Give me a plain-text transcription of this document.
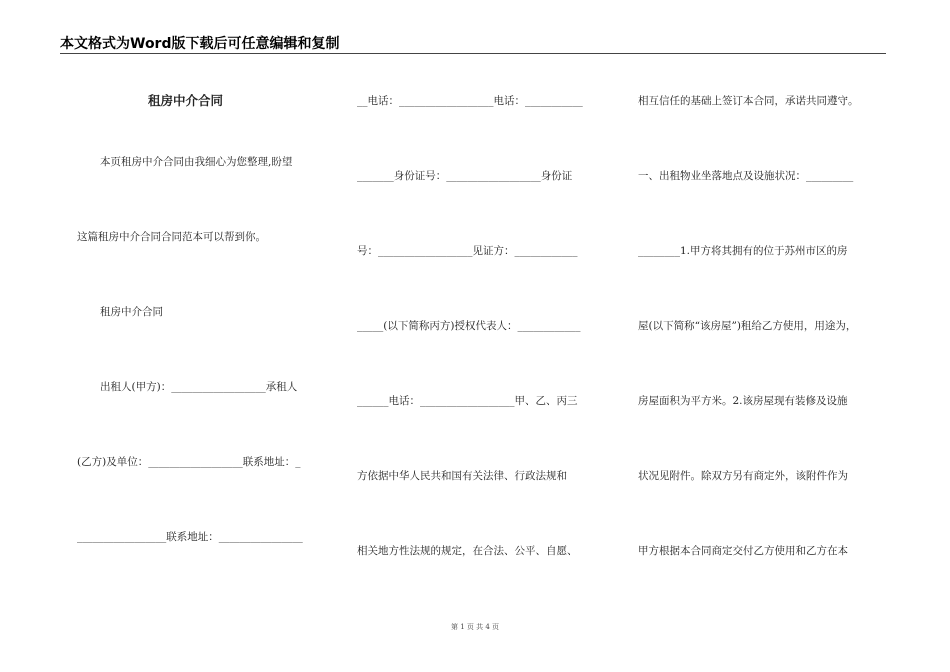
本文格式为Word版下载后可任意编辑和复制
租房中介合同
本页租房中介合同由我细心为您整理,盼望
这篇租房中介合同合同范本可以帮到你。
租房中介合同
出租人(甲方)：__________________承租人
(乙方)及单位：__________________联系地址：_
_________________联系地址：________________
__电话：__________________电话：___________
_______身份证号：__________________身份证
号：__________________见证方：____________
_____(以下简称丙方)授权代表人：____________
______电话：__________________甲、乙、丙三
方依据中华人民共和国有关法律、行政法规和
相关地方性法规的规定，在合法、公平、自愿、
相互信任的基础上签订本合同，承诺共同遵守。
一、出租物业坐落地点及设施状况：_________
________1.甲方将其拥有的位于苏州市区的房
屋(以下简称“该房屋”)租给乙方使用，用途为，
房屋面积为平方米。2.该房屋现有装修及设施
状况见附件。除双方另有商定外，该附件作为
甲方根据本合同商定交付乙方使用和乙方在本
第 1 页 共 4 页
